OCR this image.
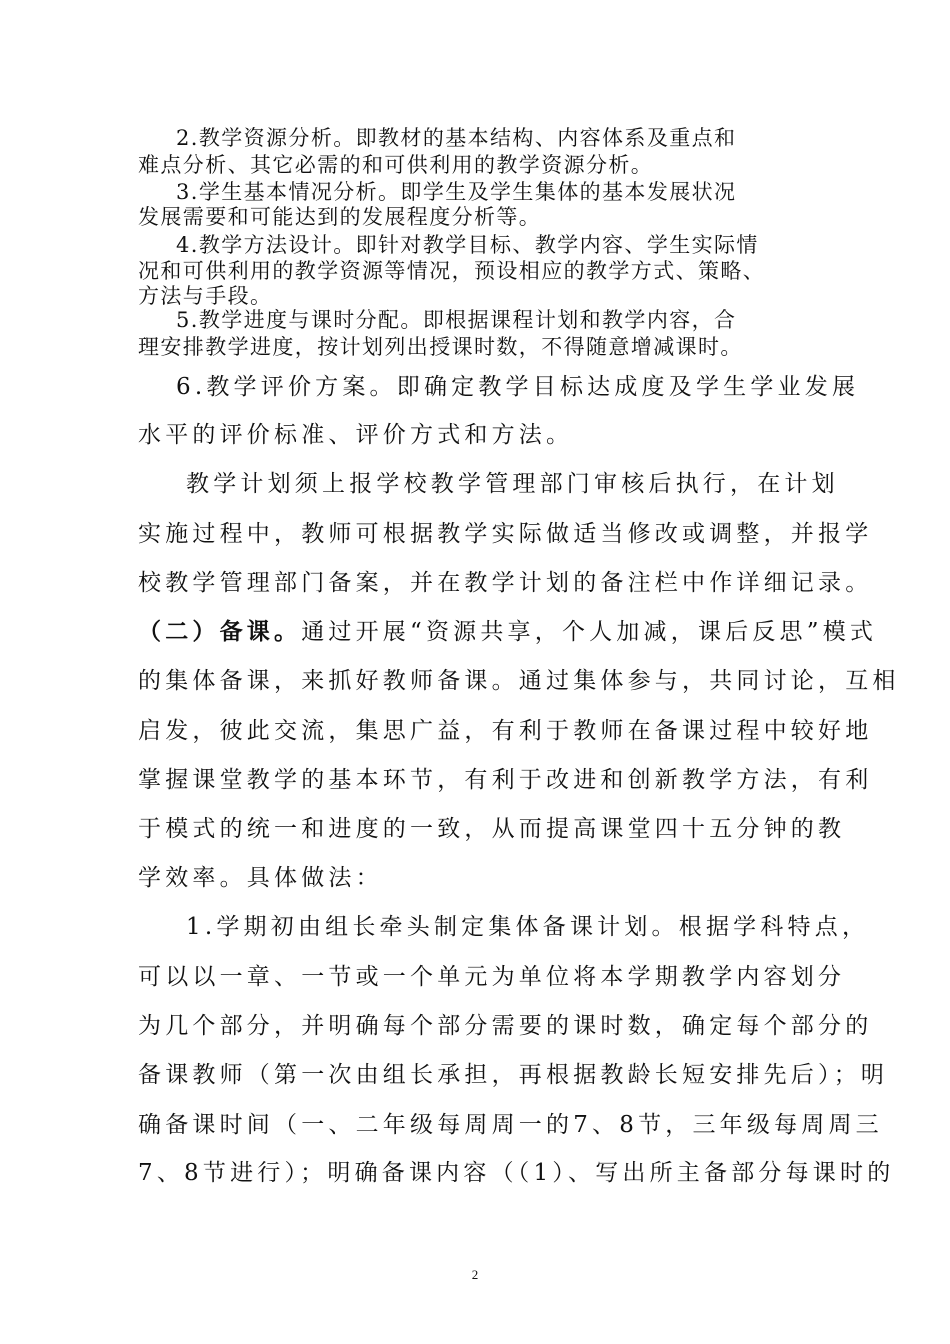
2.教学资源分析。即教材的基本结构、内容体系及重点和
难点分析、其它必需的和可供利用的教学资源分析。
3.学生基本情况分析。即学生及学生集体的基本发展状况
发展需要和可能达到的发展程度分析等。
4.教学方法设计。即针对教学目标、教学内容、学生实际情
况和可供利用的教学资源等情况，预设相应的教学方式、策略、
方法与手段。
5.教学进度与课时分配。即根据课程计划和教学内容，合
理安排教学进度，按计划列出授课时数，不得随意增减课时。
6.教学评价方案。即确定教学目标达成度及学生学业发展
水平的评价标准、评价方式和方法。
教学计划须上报学校教学管理部门审核后执行，在计划
实施过程中，教师可根据教学实际做适当修改或调整，并报学
校教学管理部门备案，并在教学计划的备注栏中作详细记录。
（二）备课。通过开展“资源共享，个人加减，课后反思”模式
的集体备课，来抓好教师备课。通过集体参与，共同讨论，互相
启发，彼此交流，集思广益，有利于教师在备课过程中较好地
掌握课堂教学的基本环节，有利于改进和创新教学方法，有利
于模式的统一和进度的一致，从而提高课堂四十五分钟的教
学效率。具体做法：
1.学期初由组长牵头制定集体备课计划。根据学科特点，
可以以一章、一节或一个单元为单位将本学期教学内容划分
为几个部分，并明确每个部分需要的课时数，确定每个部分的
备课教师（第一次由组长承担，再根据教龄长短安排先后）；明
确备课时间（一、二年级每周周一的7、8节，三年级每周周三
7、8节进行）；明确备课内容（（1）、写出所主备部分每课时的
2
